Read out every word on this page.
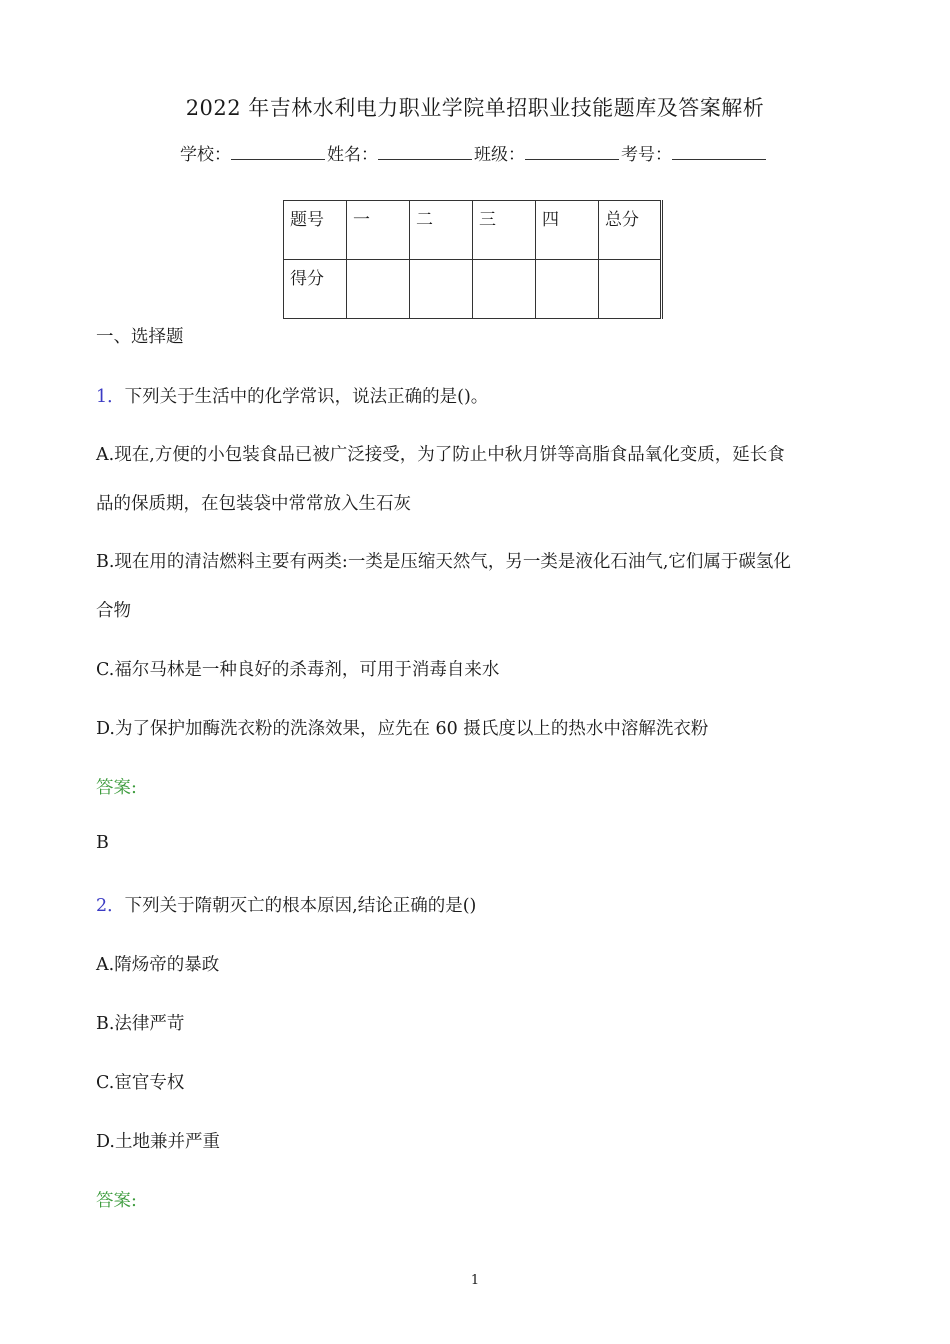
2022 年吉林水利电力职业学院单招职业技能题库及答案解析
学校：	姓名：	班级：	考号：
题号	一	二	三	四	总分
得分					
一、选择题
1．下列关于生活中的化学常识，说法正确的是()。
A.现在,方便的小包装食品已被广泛接受，为了防止中秋月饼等高脂食品氧化变质，延长食
品的保质期，在包装袋中常常放入生石灰
B.现在用的清洁燃料主要有两类:一类是压缩天然气，另一类是液化石油气,它们属于碳氢化
合物
C.福尔马林是一种良好的杀毒剂，可用于消毒自来水
D.为了保护加酶洗衣粉的洗涤效果，应先在 60 摄氏度以上的热水中溶解洗衣粉
答案:
B
2．下列关于隋朝灭亡的根本原因,结论正确的是()
A.隋炀帝的暴政
B.法律严苛
C.宦官专权
D.土地兼并严重
答案:
1
